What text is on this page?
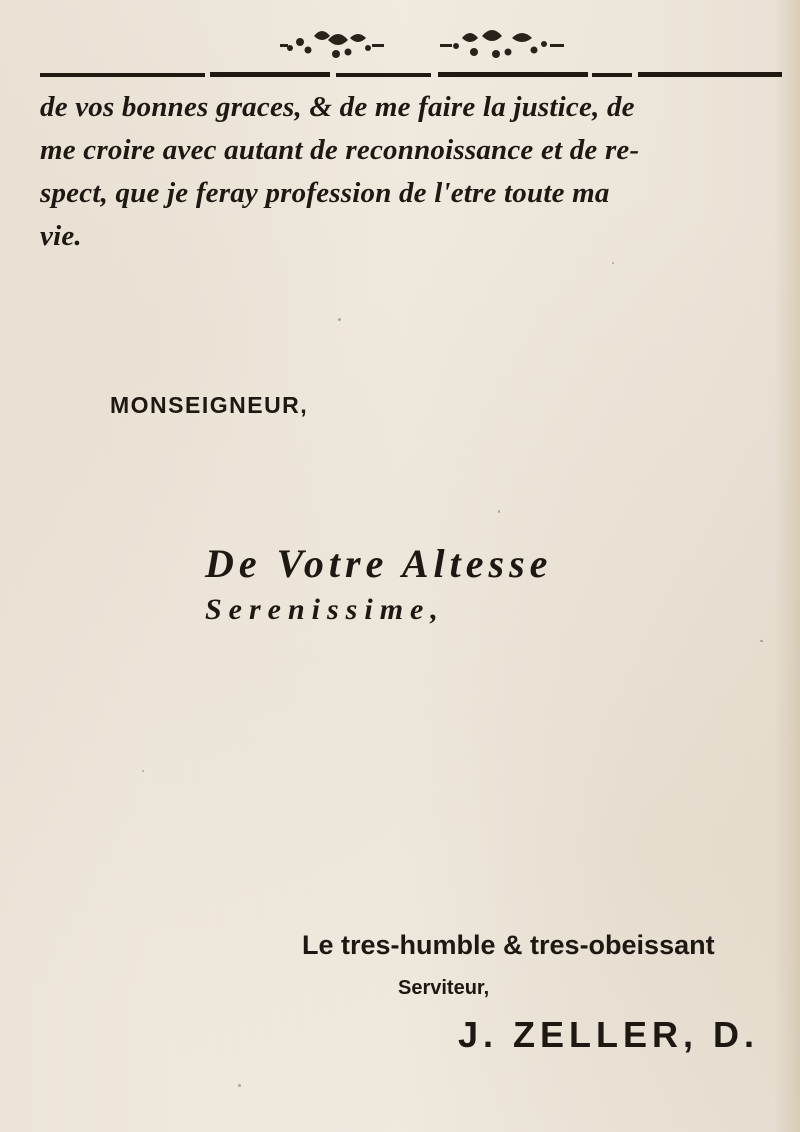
de vos bonnes graces, & de me faire la justice, de
me croire avec autant de reconnoissance et de re-
spect, que je feray profession de l'etre toute ma
vie.
MONSEIGNEUR,
De Votre Altesse
Serenissime,
Le tres-humble & tres-obeissant
Serviteur,
J. ZELLER, D.
